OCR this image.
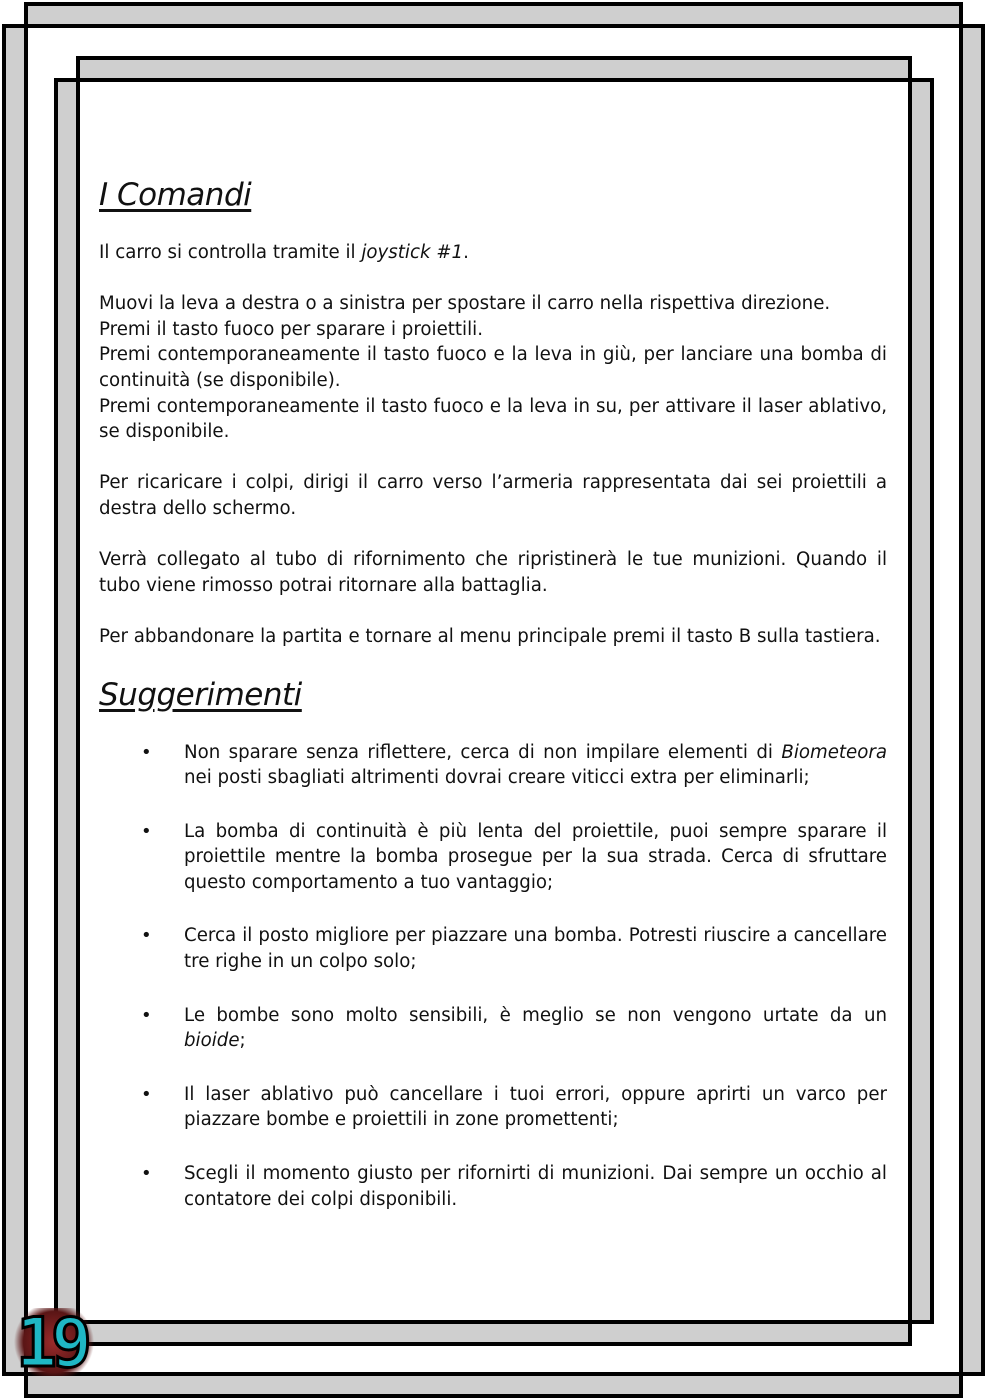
I Comandi

Il carro si controlla tramite il joystick #1.

Muovi la leva a destra o a sinistra per spostare il carro nella rispettiva direzione.

Premi il tasto fuoco per sparare i proiettili.

Premi contemporaneamente il tasto fuoco e la leva in giù, per lanciare una bomba di continuità (se disponibile).

Premi contemporaneamente il tasto fuoco e la leva in su, per attivare il laser ablativo, se disponibile.

Per ricaricare i colpi, dirigi il carro verso l’armeria rappresentata dai sei proiettili a destra dello schermo.

Verrà collegato al tubo di rifornimento che ripristinerà le tue munizioni. Quando il tubo viene rimosso potrai ritornare alla battaglia.

Per abbandonare la partita e tornare al menu principale premi il tasto B sulla tastiera.

Suggerimenti
• Non sparare senza riflettere, cerca di non impilare elementi di Biometeora nei posti sbagliati altrimenti dovrai creare viticci extra per eliminarli;
• La bomba di continuità è più lenta del proiettile, puoi sempre sparare il proiettile mentre la bomba prosegue per la sua strada. Cerca di sfruttare questo comportamento a tuo vantaggio;
• Cerca il posto migliore per piazzare una bomba. Potresti riuscire a cancellare tre righe in un colpo solo;
• Le bombe sono molto sensibili, è meglio se non vengono urtate da un bioide;
• Il laser ablativo può cancellare i tuoi errori, oppure aprirti un varco per piazzare bombe e proiettili in zone promettenti;
• Scegli il momento giusto per rifornirti di munizioni. Dai sempre un occhio al contatore dei colpi disponibili.
19
